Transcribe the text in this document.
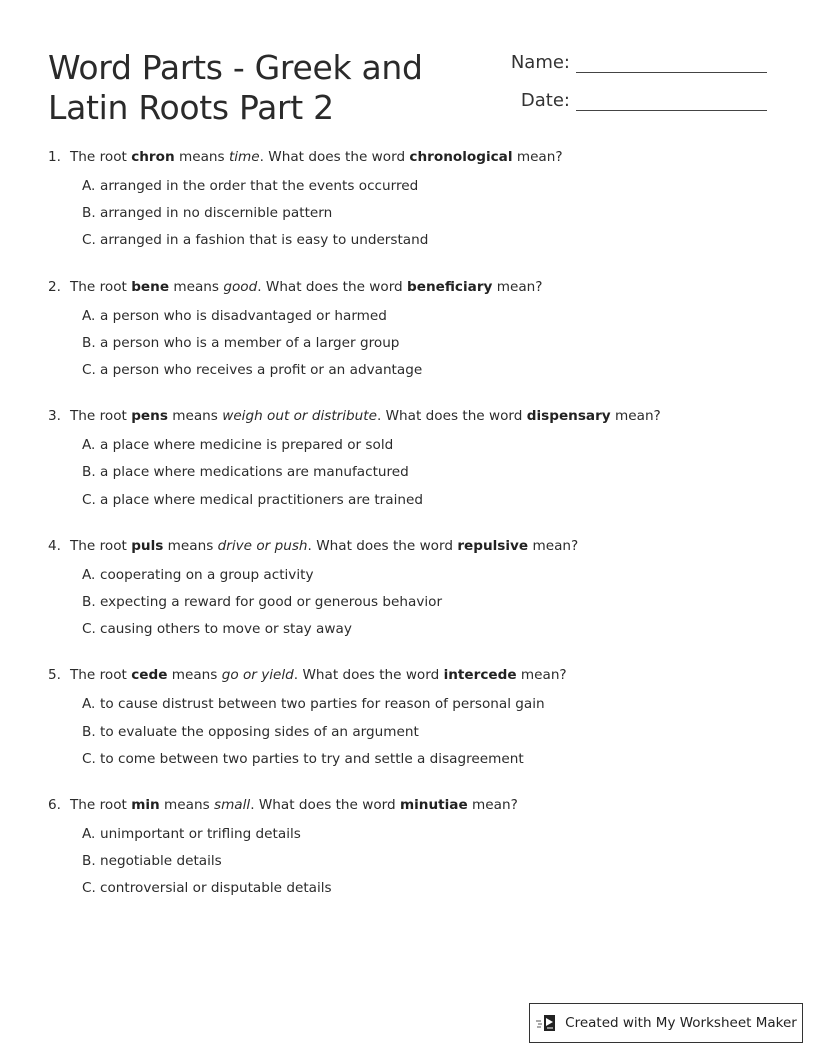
Word Parts - Greek and
Latin Roots Part 2
Name:
Date:
1. The root chron means time. What does the word chronological mean?
A. arranged in the order that the events occurred
B. arranged in no discernible pattern
C. arranged in a fashion that is easy to understand
2. The root bene means good. What does the word beneficiary mean?
A. a person who is disadvantaged or harmed
B. a person who is a member of a larger group
C. a person who receives a profit or an advantage
3. The root pens means weigh out or distribute. What does the word dispensary mean?
A. a place where medicine is prepared or sold
B. a place where medications are manufactured
C. a place where medical practitioners are trained
4. The root puls means drive or push. What does the word repulsive mean?
A. cooperating on a group activity
B. expecting a reward for good or generous behavior
C. causing others to move or stay away
5. The root cede means go or yield. What does the word intercede mean?
A. to cause distrust between two parties for reason of personal gain
B. to evaluate the opposing sides of an argument
C. to come between two parties to try and settle a disagreement
6. The root min means small. What does the word minutiae mean?
A. unimportant or trifling details
B. negotiable details
C. controversial or disputable details
Created with My Worksheet Maker
